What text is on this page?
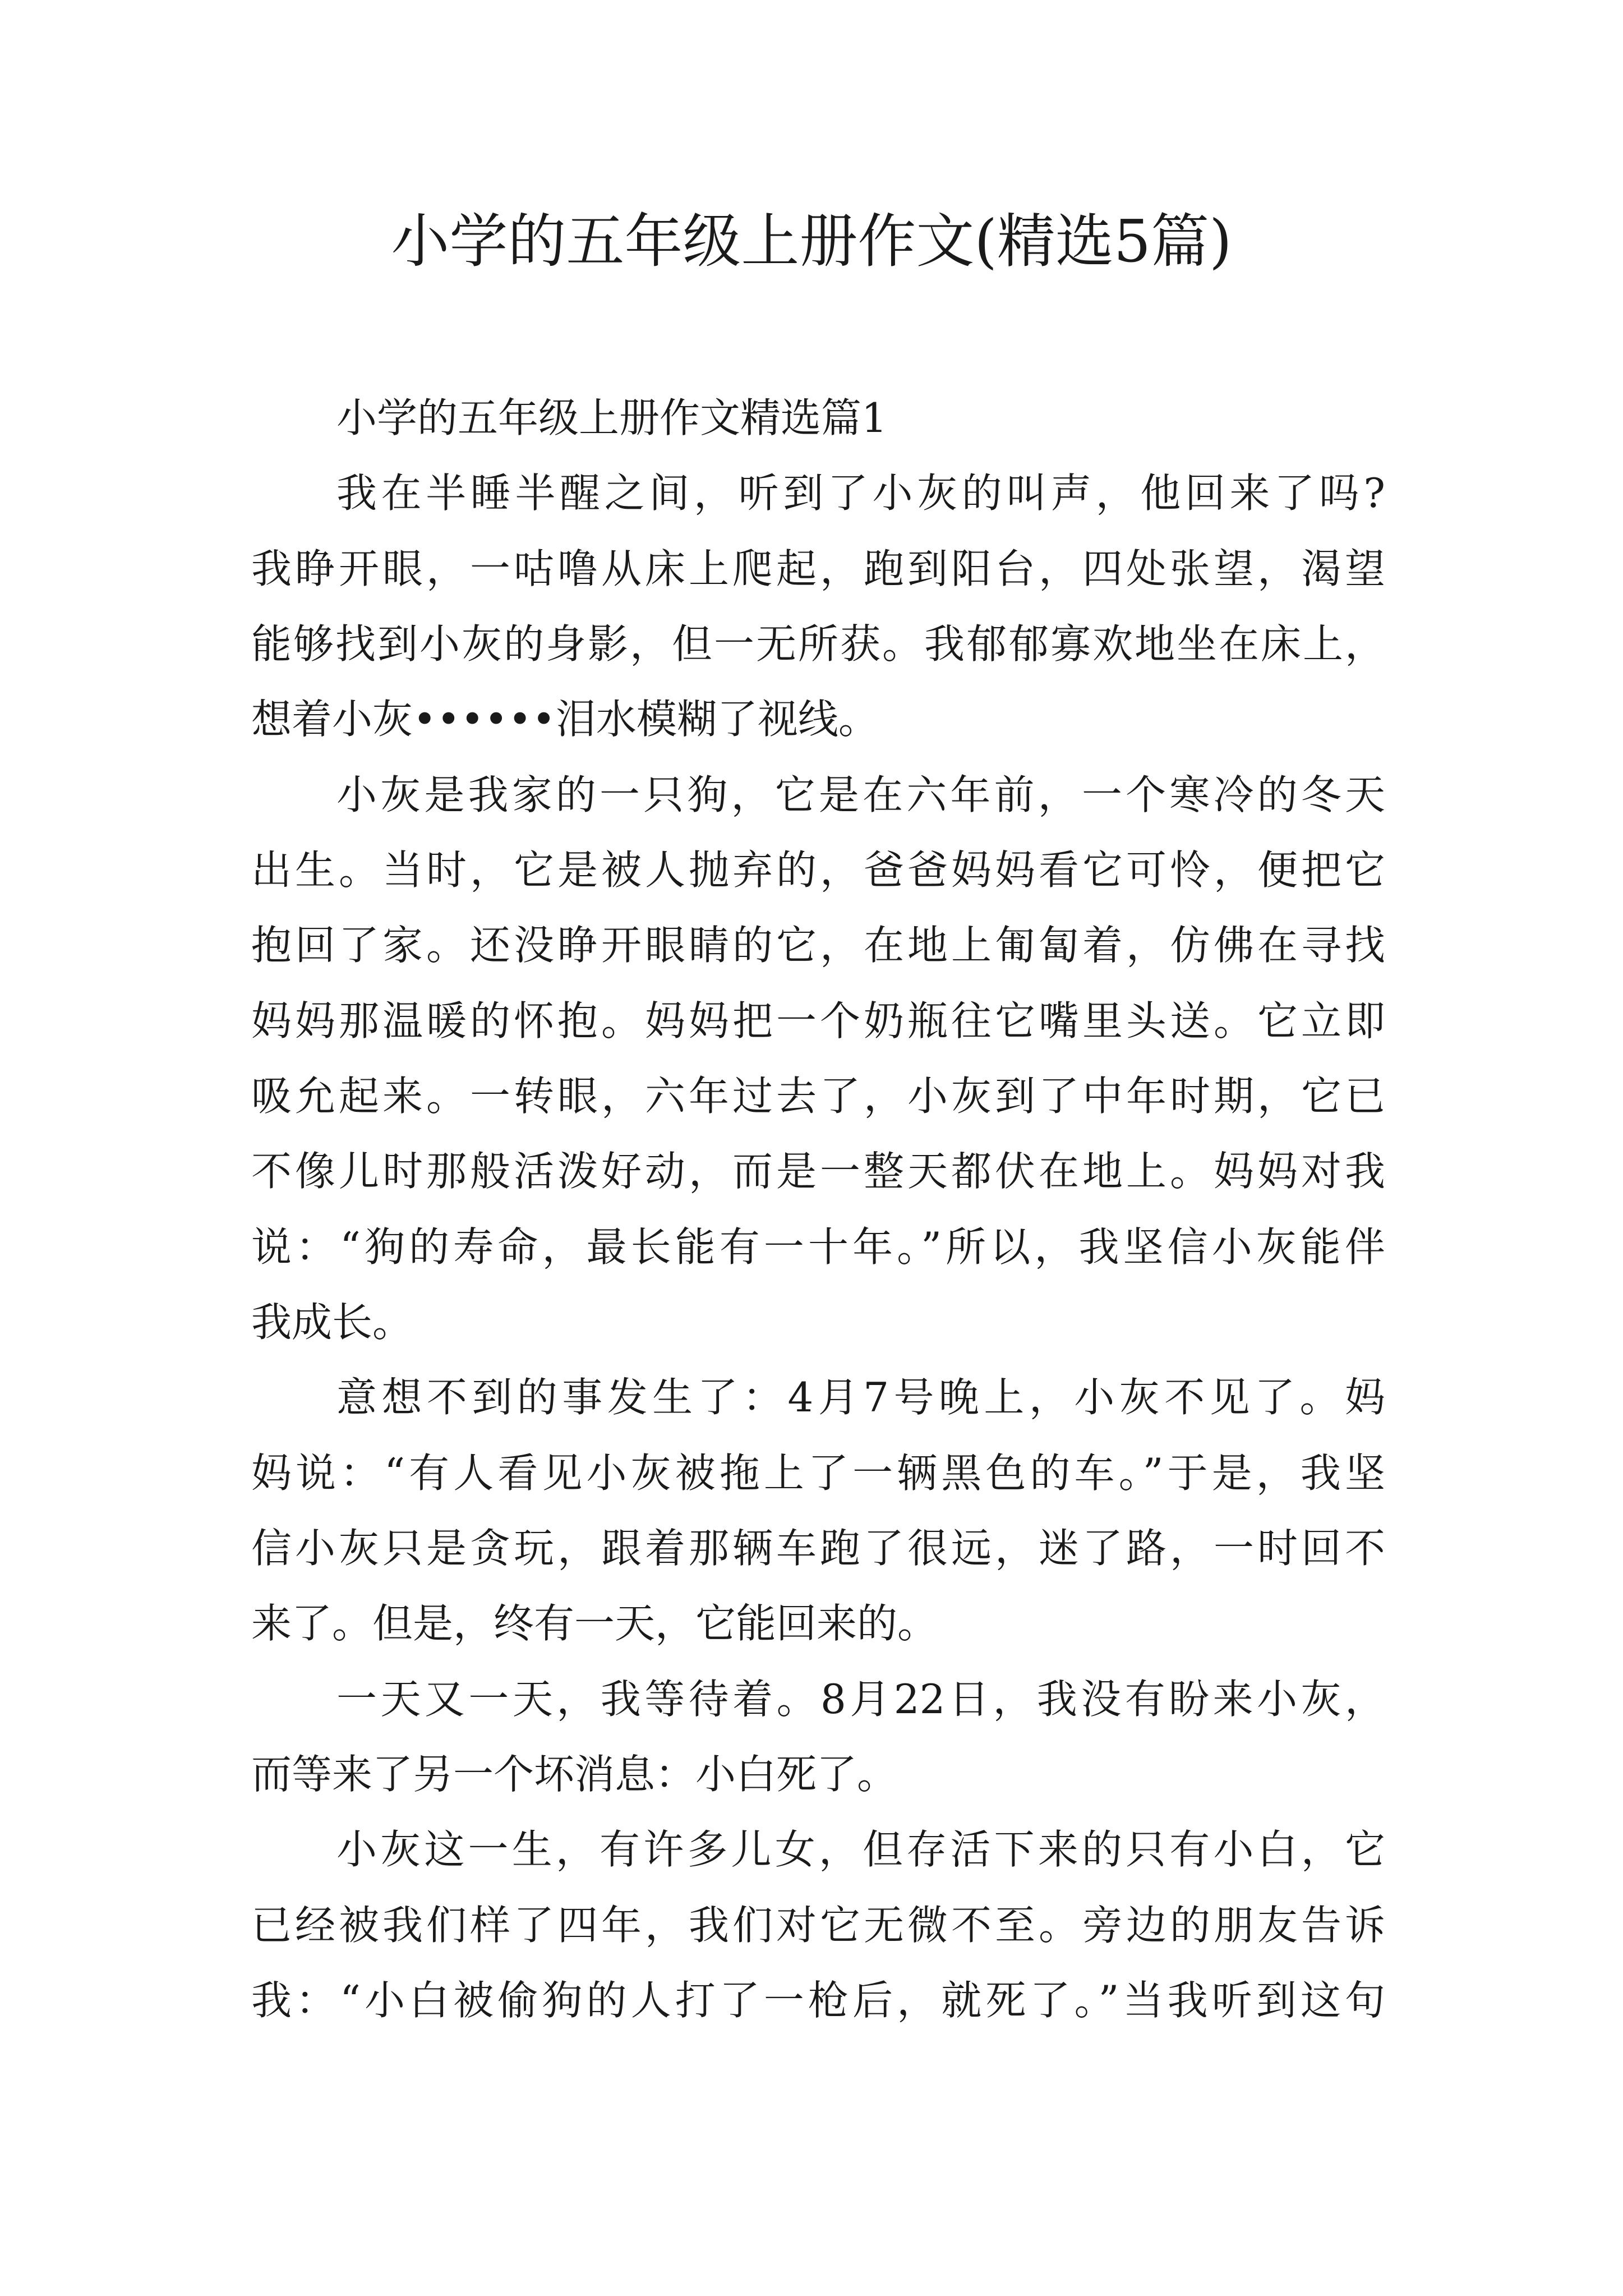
小学的五年级上册作文(精选5篇)
小学的五年级上册作文精选篇1
我在半睡半醒之间，听到了小灰的叫声，他回来了吗?
我睁开眼，一咕噜从床上爬起，跑到阳台，四处张望，渴望
能够找到小灰的身影，但一无所获。我郁郁寡欢地坐在床上，
想着小灰••••••泪水模糊了视线。
小灰是我家的一只狗，它是在六年前，一个寒冷的冬天
出生。当时，它是被人抛弃的，爸爸妈妈看它可怜，便把它
抱回了家。还没睁开眼睛的它，在地上匍匐着，仿佛在寻找
妈妈那温暖的怀抱。妈妈把一个奶瓶往它嘴里头送。它立即
吸允起来。一转眼，六年过去了，小灰到了中年时期，它已
不像儿时那般活泼好动，而是一整天都伏在地上。妈妈对我
说：“狗的寿命，最长能有一十年。”所以，我坚信小灰能伴
我成长。
意想不到的事发生了：4月7号晚上，小灰不见了。妈
妈说：“有人看见小灰被拖上了一辆黑色的车。”于是，我坚
信小灰只是贪玩，跟着那辆车跑了很远，迷了路，一时回不
来了。但是，终有一天，它能回来的。
一天又一天，我等待着。8月22日，我没有盼来小灰，
而等来了另一个坏消息：小白死了。
小灰这一生，有许多儿女，但存活下来的只有小白，它
已经被我们样了四年，我们对它无微不至。旁边的朋友告诉
我：“小白被偷狗的人打了一枪后，就死了。”当我听到这句
